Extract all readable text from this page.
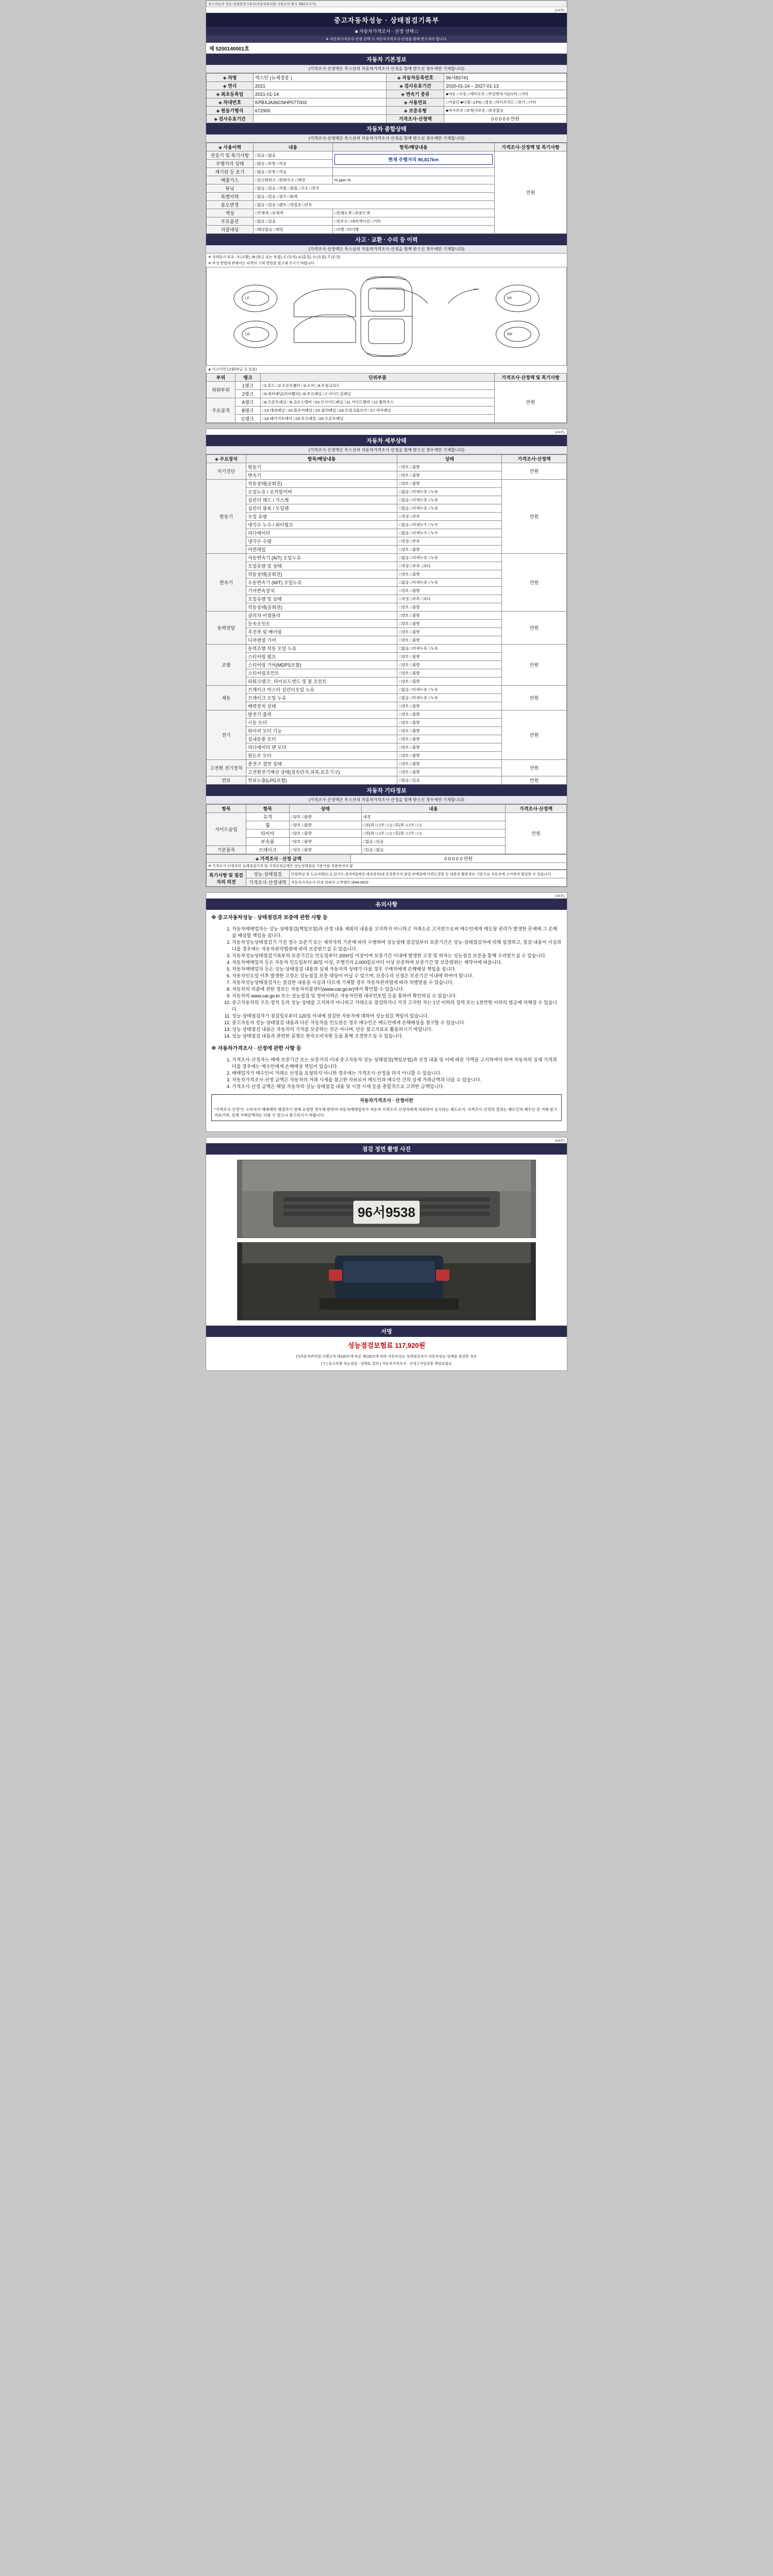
중고자동차 성능·상태점검기록부(자동차관리법 시행규칙 별지 제82호서식)
(1/4쪽)
중고자동차성능 · 상태점검기록부
■ 자동차가격조사 · 산정 선택 □
※ 자동차가격조사·산정 선택 시 자동차가격조사·산정을 함께 받으셔야 합니다.
제 5200140001호
자동차 기본정보
(가격조사·산정액은 투스산의 자동차가격조사·산정을 함께 받으신 경우에만 기재합니다)
◈ 차명	렉스턴 (뉴체결롱 )	◈ 자동차등록번호	96서83741
◈ 연식	2021	◈ 검사유효기간	2020-01-14 ~ 2027-01-13
◈ 최초등록일	2021-01-14	◈ 변속기 종류	■자동 □수동 □세미오토 □무단변속기(CVT) □기타
◈ 차대번호	KPBXJA36CNHP077003	◈ 사용연료	□가솔린 ■디젤 □LPG □겸용 □하이브리드 □전기 □기타
◈ 원동기형식	672900	◈ 보증유형	■자가보증 □보험사보증 □보증없음
◈ 검사유효기간		가격조사·산정액	0 0 0 0 0 만원
자동차 종합상태
(가격조사·산정액은 투스산의 자동차가격조사·산정을 함께 받으신 경우에만 기재합니다)
◈ 사용이력	내용	항목/해당내용	가격조사·산정액 및 특기사항
전웅기 및 특기사항	□있음 □없음	현재 주행거리 96,817km	만원
주행거리 상태	□많음 □보통 □적음		
계기판 등 표기	□많음 □보통 □적음		
배출가스	□일산화탄소 □탄화수소 □매연	% ppm %	
튜닝	□없음 □있음 □적법 □불법 □구조 □장치		
특별이력	□없음 □있음 □침수 □화재		
용도변경	□없음 □있음 □렌트 □영업용 □관용		
색상	□무채색 □유채색	□전체도색 □부분도색	
주요옵션	□없음 □있음	□썬루프 □내비게이션 □기타	
리콜대상	□해당없음 □해당	□이행 □미이행	
사고 · 교환 · 수리 등 이력
(가격조사·산정액은 투스산의 자동차가격조사·산정을 함께 받으신 경우에만 기재합니다)
※ 상태표시 부호 : X (교환), W (판금 또는 용접), C (부식), A (흠집), U (요철), T (손상)
※ 작성 방법에 관해서는 뒤쪽의 기재 방법을 참고해 주시기 바랍니다
LF
LR
RF
RR
◈ 사고이력 (교환/판금 등 있음)
부위	랭크	단위부품	가격조사·산정액 및 특기사항
외판부위	1랭크	□1.후드 □2.프론트휀더 □3.도어 □4.트렁크리드	만원
	2랭크	□5.쿼터패널(리어휀더) □6.루프패널 □7.사이드실패널	
주요골격	A랭크	□8.프론트패널 □9.크로스멤버 □10.인사이드패널 □11.사이드멤버 □12.휠하우스	
	B랭크	□13.대쉬패널 □14.플로어패널 □15.필러패널 □16.트렁크플로어 □17.리어패널	
	C랭크	□18.패키지트레이 □19.루프레일 □20.프론트패널	
(2/4쪽)
자동차 세부상태
(가격조사·산정액은 투스산의 자동차가격조사·산정을 함께 받으신 경우에만 기재합니다)
◈ 주요장치	항목/해당내용	상태	가격조사·산정액
자기진단	원동기	□양호 □불량	만원
	변속기	□양호 □불량	
원동기	작동상태(공회전)	□양호 □불량	만원
	오일누유 / 로커암커버	□없음 □미세누유 □누유	
	실린더 헤드 / 가스켓	□없음 □미세누유 □누유	
	실린더 블록 / 오일팬	□없음 □미세누유 □누유	
	오일 유량	□적정 □부족	
	냉각수 누수 / 워터펌프	□없음 □미세누수 □누수	
	라디에이터	□없음 □미세누수 □누수	
	냉각수 수량	□적정 □부족	
	커먼레일	□양호 □불량	
변속기	자동변속기 (A/T) 오일누유	□없음 □미세누유 □누유	만원
	오일유량 및 상태	□적정 □부족 □과다	
	작동상태(공회전)	□양호 □불량	
	수동변속기 (M/T) 오일누유	□없음 □미세누유 □누유	
	기어변속장치	□양호 □불량	
	오일유량 및 상태	□적정 □부족 □과다	
	작동상태(공회전)	□양호 □불량	
동력전달	클러치 어셈블리	□양호 □불량	만원
	등속조인트	□양호 □불량	
	추진축 및 베어링	□양호 □불량	
	디퍼렌셜 기어	□양호 □불량	
조향	동력조향 작동 오일 누유	□없음 □미세누유 □누유	만원
	스티어링 펌프	□양호 □불량	
	스티어링 기어(MDPS포함)	□양호 □불량	
	스티어링조인트	□양호 □불량	
	파워크랭크', 타이로드엔드 및 볼 조인트	□양호 □불량	
제동	브레이크 마스터 실린더오일 누유	□없음 □미세누유 □누유	만원
	브레이크 오일 누유	□없음 □미세누유 □누유	
	배력장치 상태	□양호 □불량	
전기	발전기 출력	□양호 □불량	만원
	시동 모터	□양호 □불량	
	와이퍼 모터 기능	□양호 □불량	
	실내송풍 모터	□양호 □불량	
	라디에이터 팬 모터	□양호 □불량	
	윈도우 모터	□양호 □불량	
고전원 전기장치	충전구 절연 상태	□양호 □불량	만원
	고전원전기배선 상태(접속단자,피복,보호기구)	□양호 □불량	
연료	연료누출(LPG포함)	□없음 □있음	만원
자동차 기타정보
(가격조사·산정액은 투스산의 자동차가격조사·산정을 함께 받으신 경우에만 기재합니다)
항목	항목	상태	내용	가격조사·산정액
사이드슬립	유격	□양호 □불량	내경	만원
	휠	□양호 □불량	□전(좌 □□/우 □□) □후(좌 □□/우 □□)	
	타이어	□양호 □불량	□전(좌 □□/우 □□) □후(좌 □□/우 □□)	
	부속품	□양호 □불량	□없음 □있음	
기본품목	브레이크	□양호 □불량	□있음 □없음	
◈ 가격조사 · 산정 금액	0 0 0 0 0 만원
※ 가격조사·산정자의 실제점검가격 및 가격산정금액은 성능상태점검 기준가를 적용하여야 함
특기사항 및 점검자의 의견	성능·상태점검	단원하실 및 도로차량(도로,압지도,장치비)(제진,제정장치)내 중결충지서,점검 판매업체 이력도결벌 등 내용의 활용정보 기준으로 자동차에 고지하여 함입할 수 있습니다.
	가격조사·산정내역	자동차가격조사·산정 의뢰자 고객센터 1544-0410
(3/4쪽)
유의사항
※ 중고자동차성능 · 상태점검과 보증에 관한 사항 등
1. 자동차매매업자는 성능·상태점검(책임보험)과 산정 내용 제외의 내용을 고지하지 아니하고 거래소로 고지받으로써 메수인에게 매도당 권리가 발생한 문제에 그 손해를 배상할 책임을 집니다.
2. 자동차성능상태점검기 가진 정수 표준기 또는 제작자의 기준에 따라 수행하며 성능상태 점검일부터 보증기간은 성능·상태점검자에 의해 설정하고, 점검 내용이 사실과 다를 경우에는 자동차관리법령에 따라 보증받으실 수 있습니다.
3. 자동차성능상태점검기록부의 보증기간은 인도일부터 2000일 이상이며 보증기간 이내에 발생한 고장 및 하자는 성능점검 보증을 통해 수리받으실 수 있습니다.
4. 자동차매매업자 등은 자동차 인도일부터 30일 이상, 주행거리 2,000킬로미터 이상 보증하며 보증기간 및 보증범위는 계약서에 따릅니다.
5. 자동차매매업자 등은 성능·상태점검 내용과 실제 자동차의 상태가 다를 경우 구매자에게 손해배상 책임을 집니다.
6. 자동차인도일 이후 발생한 고장은 성능점검 보증 대상이 아닐 수 있으며, 보증수리 신청은 보증기간 이내에 하여야 합니다.
7. 자동차성능상태점검자는 점검한 내용을 사실과 다르게 기재할 경우 자동차관리법에 따라 처벌받을 수 있습니다.
8. 자동차의 리콜에 관한 정보는 자동차리콜센터(www.car.go.kr)에서 확인할 수 있습니다.
9. 자동차의 www.car.go.kr 또는 성능점검 및 정비이력은 자동차민원 대국민포털 등을 통하여 확인하실 수 있습니다.
10. 중고자동차의 구조·장치 등의 성능·상태를 고지하지 아니하고 거래소로 점검하거나 거짓 고지한 자는 1년 이하의 징역 또는 1천만원 이하의 벌금에 처해질 수 있습니다.
11. 성능·상태점검자가 점검일로부터 120일 이내에 점검한 자동차에 대하여 성능점검 책임이 있습니다.
12. 중고자동차 성능·상태점검 내용과 다른 자동차를 인도받은 경우 매수인은 매도인에게 손해배상을 청구할 수 있습니다.
13. 성능·상태점검 내용은 자동차의 가치를 보증하는 것은 아니며, 단순 참고자료로 활용하시기 바랍니다.
14. 성능·상태점검 내용과 관련한 분쟁은 한국소비자원 등을 통해 조정받으실 수 있습니다.
※ 자동차가격조사 · 산정에 관한 사항 등
1. 가격조사·산정자는 매매 보증기간 또는 보증거리 이내 중고자동차 성능·상태점검(책임보험)과 산정 내용 및 이에 따른 가액을 고지하여야 하며 자동차의 실제 가격과 다를 경우에는 매수인에게 손해배상 책임이 있습니다.
2. 매매업자가 매수인이 거래소 산정을 요청하지 아니한 경우에는 가격조사·산정을 하지 아니할 수 있습니다.
3. 자동차가격조사·산정 금액은 자동차의 거래 시세를 참고한 자료로서 매도인과 매수인 간의 실제 거래금액과 다를 수 있습니다.
4. 가격조사·산정 금액은 해당 자동차의 성능·상태점검 내용 및 시장 시세 등을 종합적으로 고려한 금액입니다.
자동차가격조사 · 산정이란
"가격조사·산정"은 소비자가 매매계약 체결하기 전에 요청한 경우에 한하여 자동차매매업자가 자동차 가격조사·산정자에게 의뢰하여 실시하는 제도로서, 가격조사·산정의 결과는 매도인과 매수인 간 거래 참고자료이며, 실제 거래금액과는 다를 수 있으니 참고하시기 바랍니다.
(4/4쪽)
점검 정면 촬영 사진
96서9538
서명
성능점검보험료 117,920원
(*)자동차관리법 시행규칙 제120조에 따른 제120조에 따라 자동차성능·상태점검자가 자동차성능·상태를 점검한 경우
[ Y ] 중고차량 성능점검 · 상태표 결과 [ 자동차가격조사 · 산정 ] 사업장용 책임보험료
